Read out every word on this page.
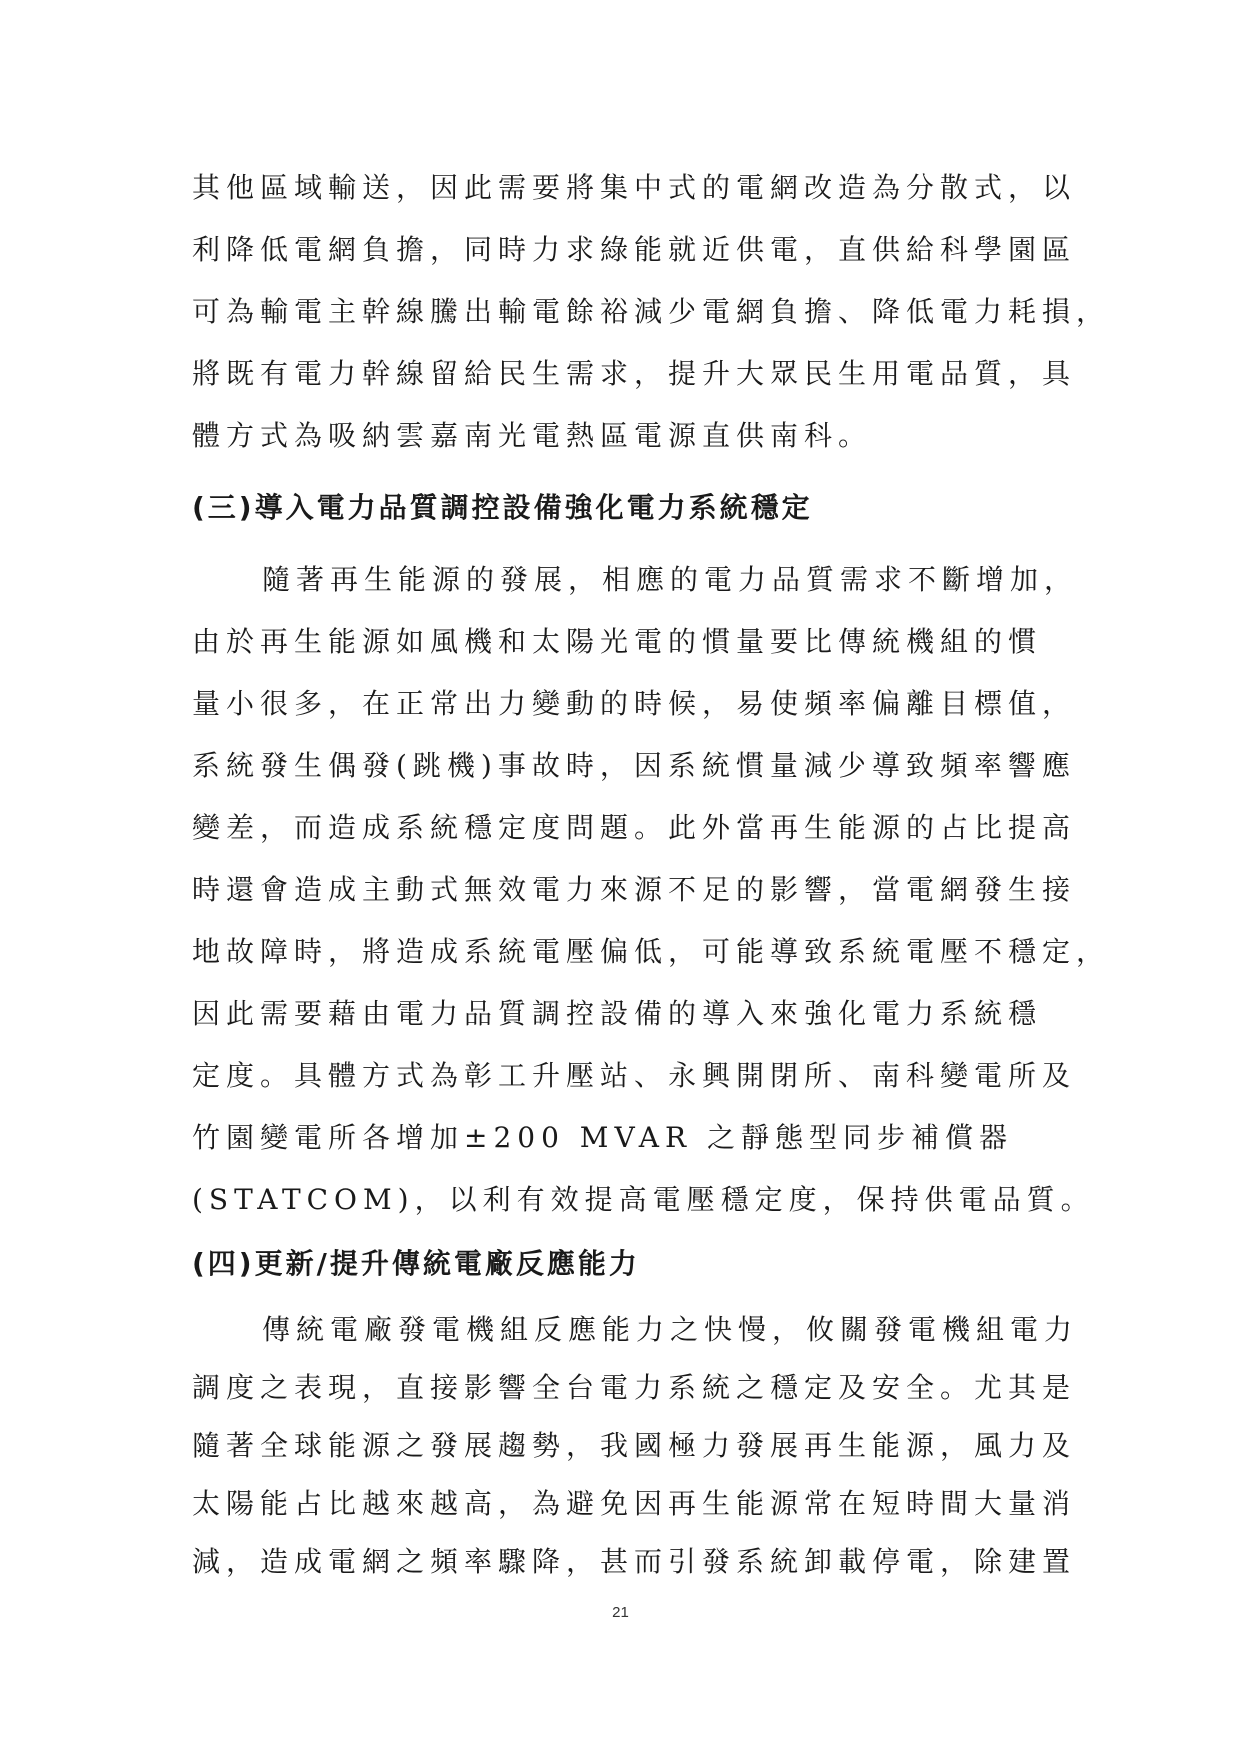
其他區域輸送，因此需要將集中式的電網改造為分散式，以
利降低電網負擔，同時力求綠能就近供電，直供給科學園區
可為輸電主幹線騰出輸電餘裕減少電網負擔、降低電力耗損，
將既有電力幹線留給民生需求，提升大眾民生用電品質，具
體方式為吸納雲嘉南光電熱區電源直供南科。
(三)導入電力品質調控設備強化電力系統穩定
隨著再生能源的發展，相應的電力品質需求不斷增加，
由於再生能源如風機和太陽光電的慣量要比傳統機組的慣
量小很多，在正常出力變動的時候，易使頻率偏離目標值，
系統發生偶發(跳機)事故時，因系統慣量減少導致頻率響應
變差，而造成系統穩定度問題。此外當再生能源的占比提高
時還會造成主動式無效電力來源不足的影響，當電網發生接
地故障時，將造成系統電壓偏低，可能導致系統電壓不穩定，
因此需要藉由電力品質調控設備的導入來強化電力系統穩
定度。具體方式為彰工升壓站、永興開閉所、南科變電所及
竹園變電所各增加±200 MVAR 之靜態型同步補償器
(STATCOM)，以利有效提高電壓穩定度，保持供電品質。
(四)更新/提升傳統電廠反應能力
傳統電廠發電機組反應能力之快慢，攸關發電機組電力
調度之表現，直接影響全台電力系統之穩定及安全。尤其是
隨著全球能源之發展趨勢，我國極力發展再生能源，風力及
太陽能占比越來越高，為避免因再生能源常在短時間大量消
21
減，造成電網之頻率驟降，甚而引發系統卸載停電，除建置
